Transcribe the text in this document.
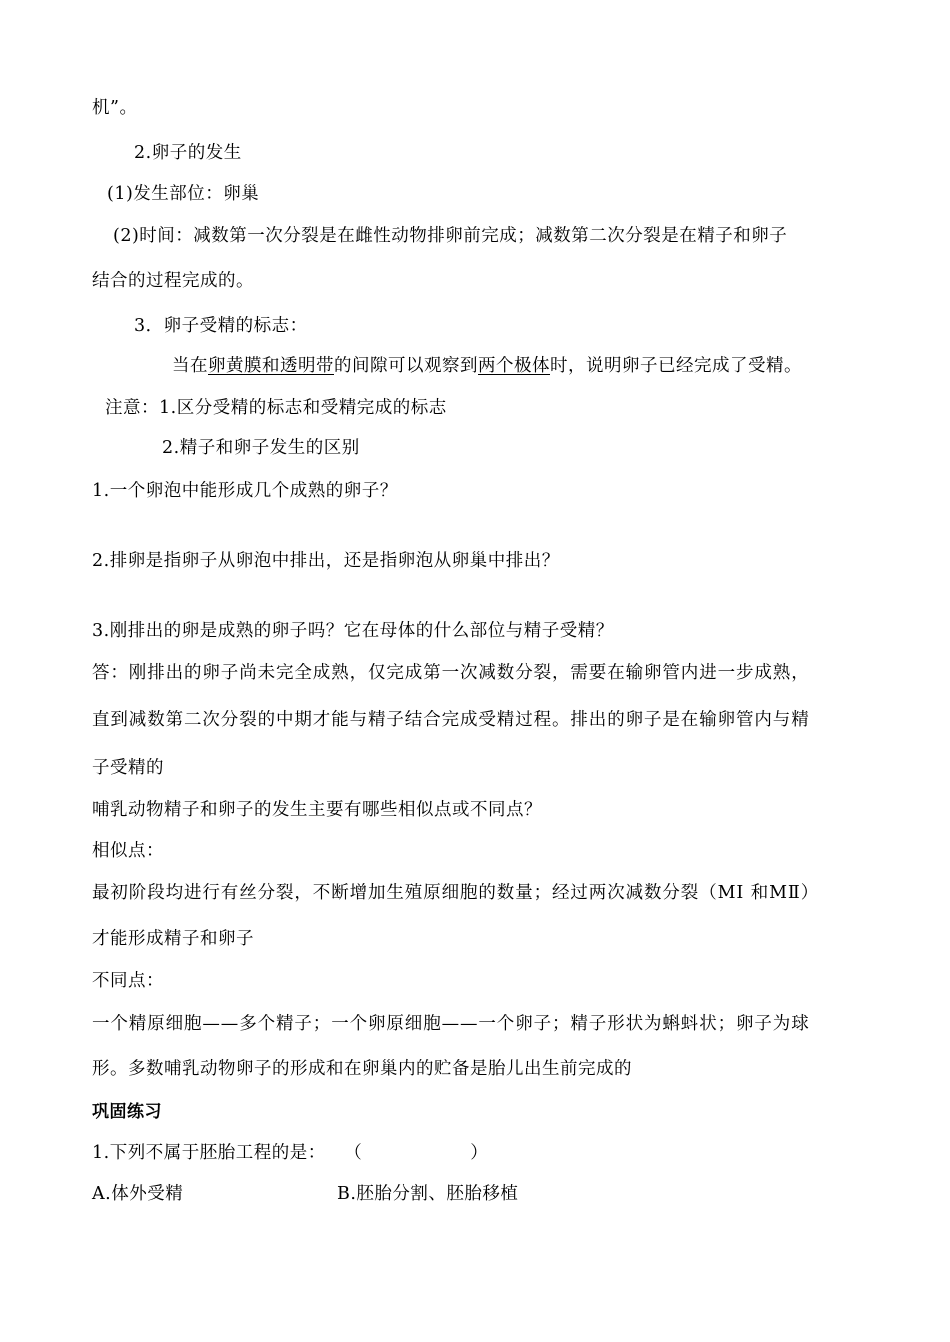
机”。
2.卵子的发生
(1)发生部位：卵巢
(2)时间：减数第一次分裂是在雌性动物排卵前完成；减数第二次分裂是在精子和卵子
结合的过程完成的。
3．卵子受精的标志：
当在卵黄膜和透明带的间隙可以观察到两个极体时，说明卵子已经完成了受精。
注意：1.区分受精的标志和受精完成的标志
2.精子和卵子发生的区别
1.一个卵泡中能形成几个成熟的卵子？
2.排卵是指卵子从卵泡中排出，还是指卵泡从卵巢中排出？
3.刚排出的卵是成熟的卵子吗？它在母体的什么部位与精子受精？
答：刚排出的卵子尚未完全成熟，仅完成第一次减数分裂，需要在输卵管内进一步成熟，
直到减数第二次分裂的中期才能与精子结合完成受精过程。排出的卵子是在输卵管内与精
子受精的
哺乳动物精子和卵子的发生主要有哪些相似点或不同点？
相似点：
最初阶段均进行有丝分裂，不断增加生殖原细胞的数量；经过两次减数分裂（MⅠ 和MⅡ）
才能形成精子和卵子
不同点：
一个精原细胞——多个精子；一个卵原细胞——一个卵子；精子形状为蝌蚪状；卵子为球
形。多数哺乳动物卵子的形成和在卵巢内的贮备是胎儿出生前完成的
巩固练习
1.下列不属于胚胎工程的是：　　（　　　　　　）
A.体外受精	B.胚胎分割、胚胎移植
